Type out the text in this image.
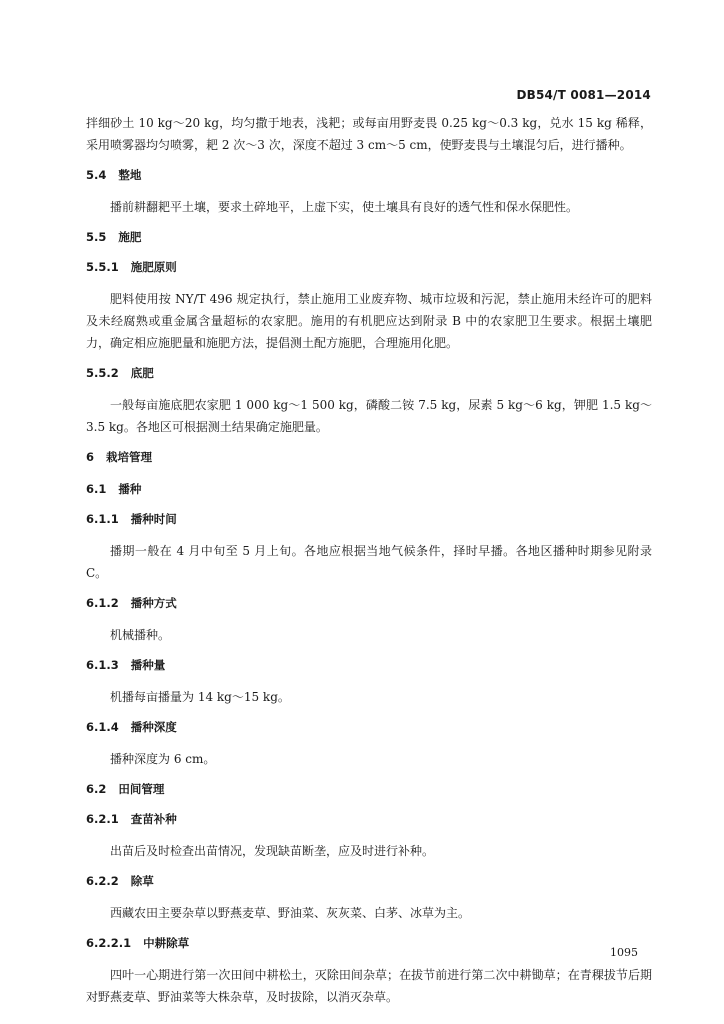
DB54/T 0081—2014

拌细砂土 10 kg～20 kg，均匀撒于地表，浅耙；或每亩用野麦畏 0.25 kg～0.3 kg，兑水 15 kg 稀释，采用喷雾器均匀喷雾，耙 2 次～3 次，深度不超过 3 cm～5 cm，使野麦畏与土壤混匀后，进行播种。

5.4 整地

播前耕翻耙平土壤，要求土碎地平，上虚下实，使土壤具有良好的透气性和保水保肥性。

5.5 施肥
5.5.1 施肥原则

肥料使用按 NY/T 496 规定执行，禁止施用工业废弃物、城市垃圾和污泥，禁止施用未经许可的肥料及未经腐熟或重金属含量超标的农家肥。施用的有机肥应达到附录 B 中的农家肥卫生要求。根据土壤肥力，确定相应施肥量和施肥方法，提倡测土配方施肥，合理施用化肥。

5.5.2 底肥

一般每亩施底肥农家肥 1 000 kg～1 500 kg，磷酸二铵 7.5 kg，尿素 5 kg～6 kg，钾肥 1.5 kg～3.5 kg。各地区可根据测土结果确定施肥量。

6 栽培管理
6.1 播种
6.1.1 播种时间

播期一般在 4 月中旬至 5 月上旬。各地应根据当地气候条件，择时早播。各地区播种时期参见附录 C。

6.1.2 播种方式

机械播种。

6.1.3 播种量

机播每亩播量为 14 kg～15 kg。

6.1.4 播种深度

播种深度为 6 cm。

6.2 田间管理
6.2.1 查苗补种

出苗后及时检查出苗情况，发现缺苗断垄，应及时进行补种。

6.2.2 除草

西藏农田主要杂草以野燕麦草、野油菜、灰灰菜、白茅、冰草为主。

6.2.2.1 中耕除草

四叶一心期进行第一次田间中耕松土，灭除田间杂草；在拔节前进行第二次中耕锄草；在青稞拔节后期对野燕麦草、野油菜等大株杂草，及时拔除，以消灭杂草。

1095
